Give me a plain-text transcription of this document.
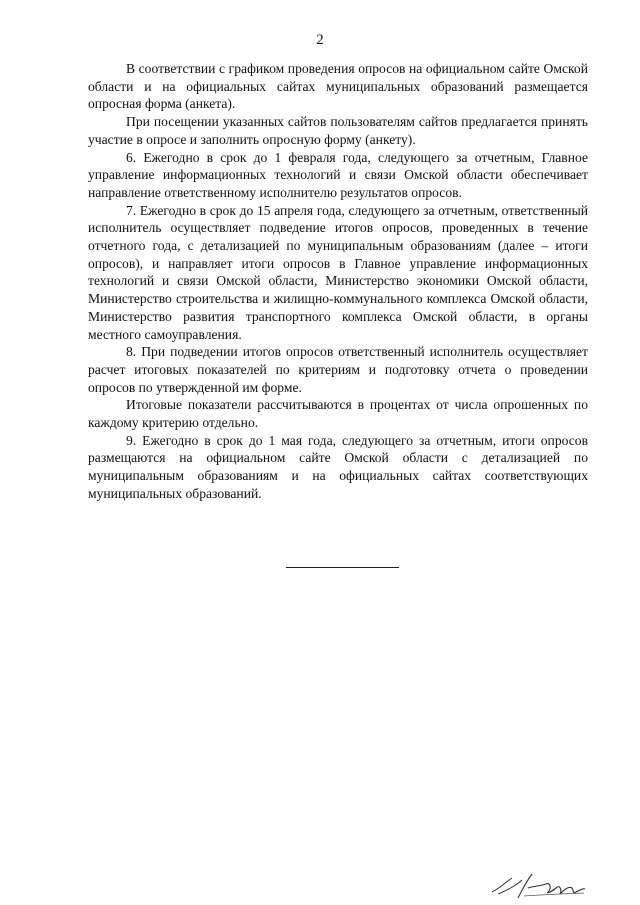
2

В соответствии с графиком проведения опросов на официальном сайте Омской области и на официальных сайтах муниципальных образований размещается опросная форма (анкета).

При посещении указанных сайтов пользователям сайтов предлагается принять участие в опросе и заполнить опросную форму (анкету).

6. Ежегодно в срок до 1 февраля года, следующего за отчетным, Главное управление информационных технологий и связи Омской области обеспечивает направление ответственному исполнителю результатов опросов.

7. Ежегодно в срок до 15 апреля года, следующего за отчетным, ответственный исполнитель осуществляет подведение итогов опросов, проведенных в течение отчетного года, с детализацией по муниципальным образованиям (далее – итоги опросов), и направляет итоги опросов в Главное управление информационных технологий и связи Омской области, Министерство экономики Омской области, Министерство строительства и жилищно-коммунального комплекса Омской области, Министерство развития транспортного комплекса Омской области, в органы местного самоуправления.

8. При подведении итогов опросов ответственный исполнитель осуществляет расчет итоговых показателей по критериям и подготовку отчета о проведении опросов по утвержденной им форме.

Итоговые показатели рассчитываются в процентах от числа опрошенных по каждому критерию отдельно.

9. Ежегодно в срок до 1 мая года, следующего за отчетным, итоги опросов размещаются на официальном сайте Омской области с детализацией по муниципальным образованиям и на официальных сайтах соответствующих муниципальных образований.
